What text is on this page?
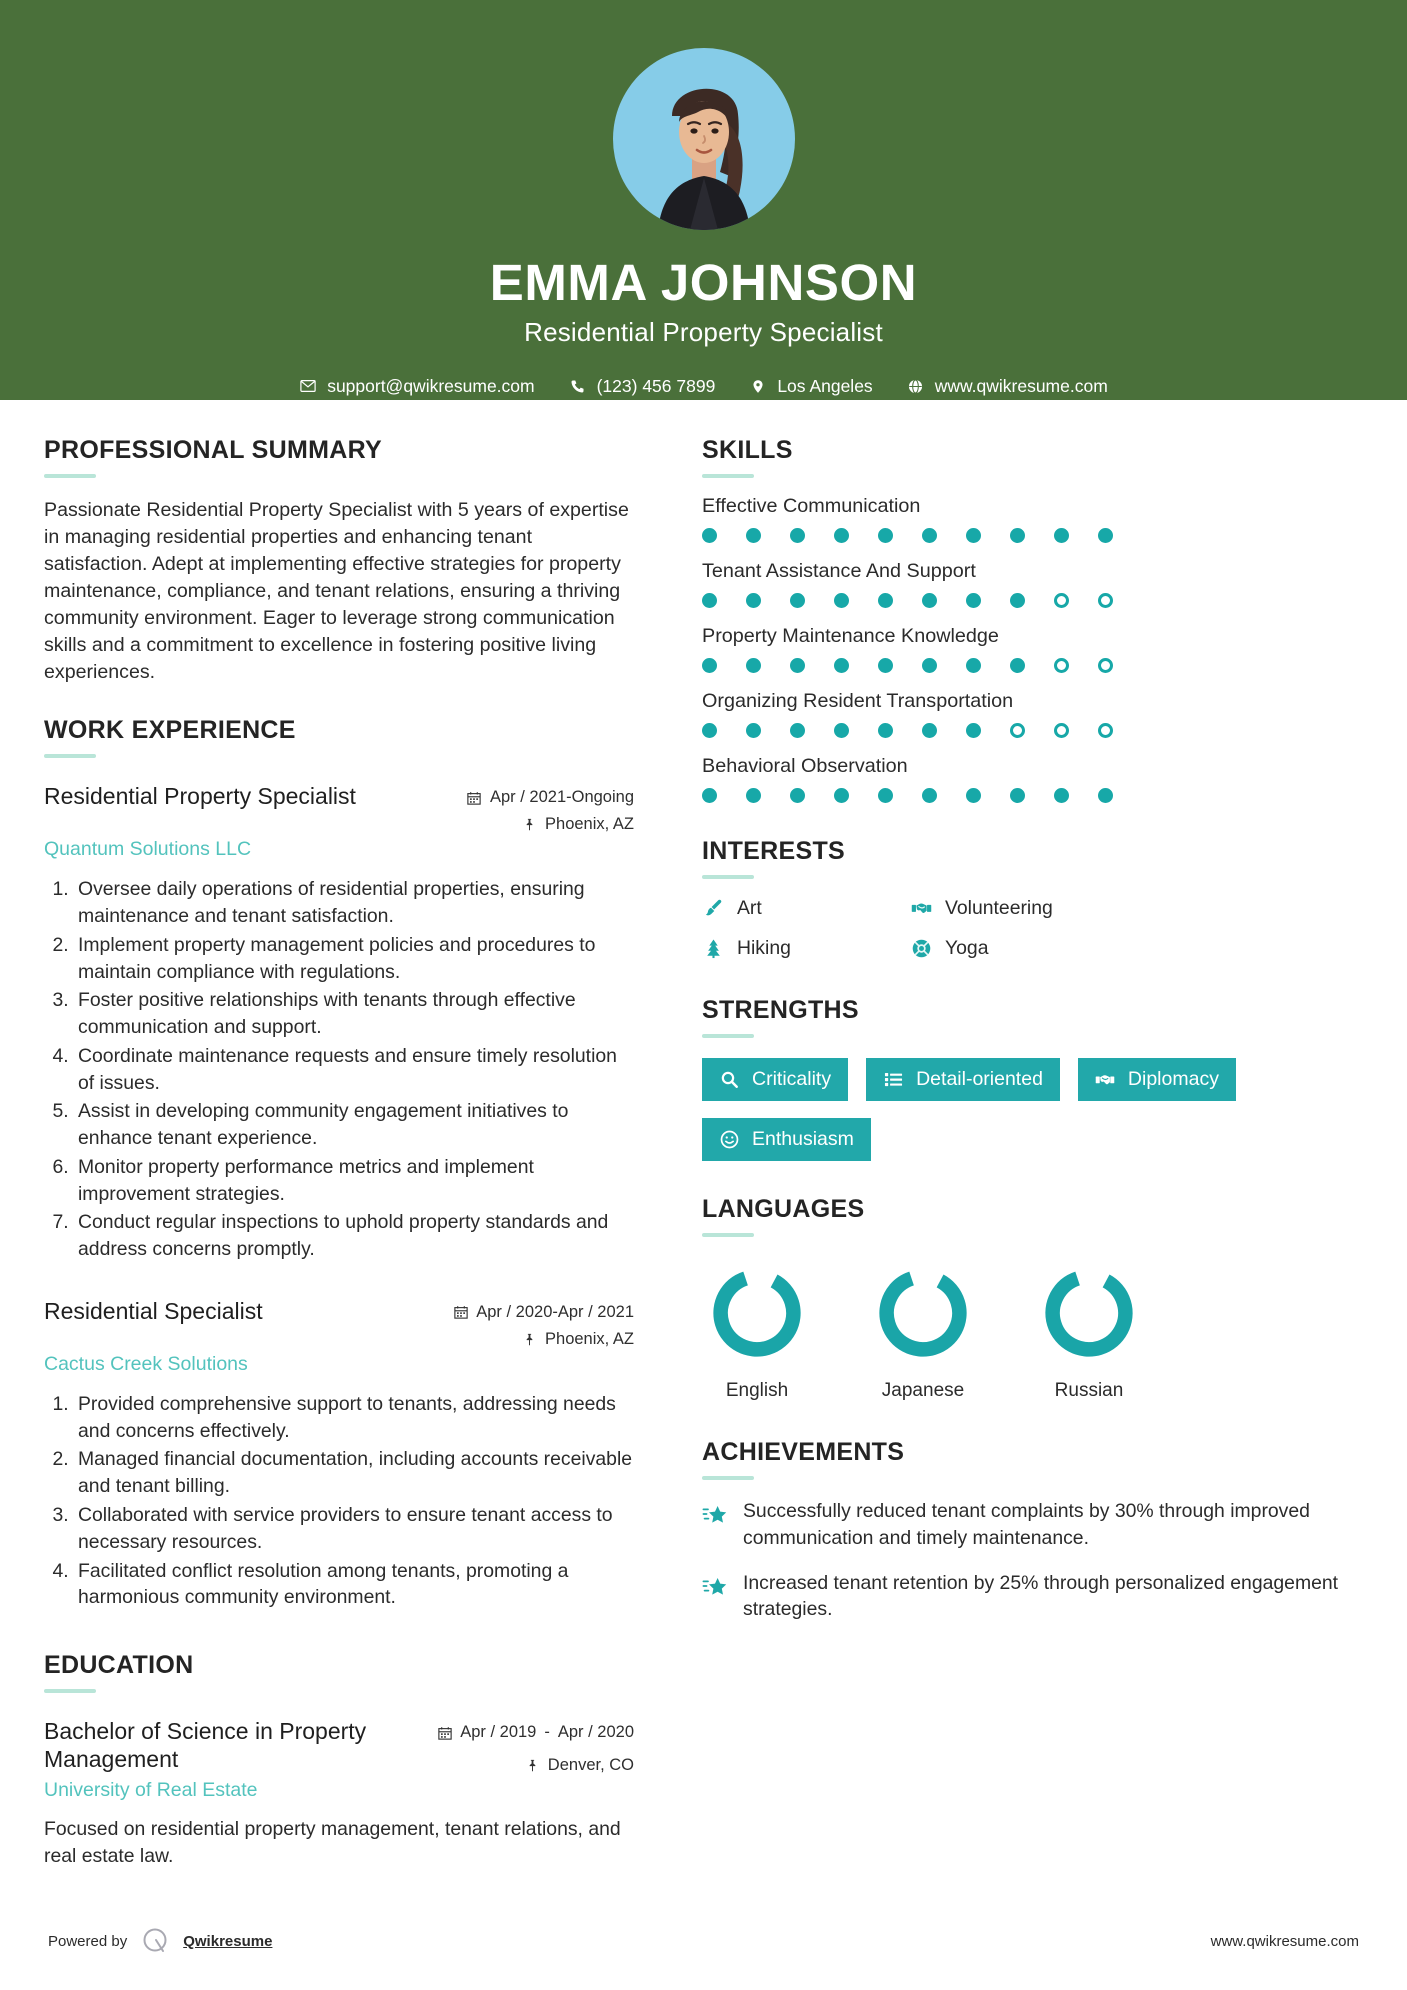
EMMA JOHNSON
Residential Property Specialist
support@qwikresume.com	(123) 456 7899	Los Angeles	www.qwikresume.com
PROFESSIONAL SUMMARY
Passionate Residential Property Specialist with 5 years of expertise in managing residential properties and enhancing tenant satisfaction. Adept at implementing effective strategies for property maintenance, compliance, and tenant relations, ensuring a thriving community environment. Eager to leverage strong communication skills and a commitment to excellence in fostering positive living experiences.
WORK EXPERIENCE
Residential Property Specialist	Apr / 2021-Ongoing
Phoenix, AZ
Quantum Solutions LLC
1. Oversee daily operations of residential properties, ensuring maintenance and tenant satisfaction.
2. Implement property management policies and procedures to maintain compliance with regulations.
3. Foster positive relationships with tenants through effective communication and support.
4. Coordinate maintenance requests and ensure timely resolution of issues.
5. Assist in developing community engagement initiatives to enhance tenant experience.
6. Monitor property performance metrics and implement improvement strategies.
7. Conduct regular inspections to uphold property standards and address concerns promptly.
Residential Specialist	Apr / 2020-Apr / 2021
Phoenix, AZ
Cactus Creek Solutions
1. Provided comprehensive support to tenants, addressing needs and concerns effectively.
2. Managed financial documentation, including accounts receivable and tenant billing.
3. Collaborated with service providers to ensure tenant access to necessary resources.
4. Facilitated conflict resolution among tenants, promoting a harmonious community environment.
EDUCATION
Bachelor of Science in Property Management
Apr / 2019 - Apr / 2020
Denver, CO
University of Real Estate
Focused on residential property management, tenant relations, and real estate law.
SKILLS
Effective Communication
Tenant Assistance And Support
Property Maintenance Knowledge
Organizing Resident Transportation
Behavioral Observation
INTERESTS
Art	Volunteering
Hiking	Yoga
STRENGTHS
Criticality	Detail-oriented	Diplomacy
Enthusiasm
LANGUAGES
English	Japanese	Russian
ACHIEVEMENTS
Successfully reduced tenant complaints by 30% through improved communication and timely maintenance.
Increased tenant retention by 25% through personalized engagement strategies.
Powered by	Qwikresume	www.qwikresume.com
